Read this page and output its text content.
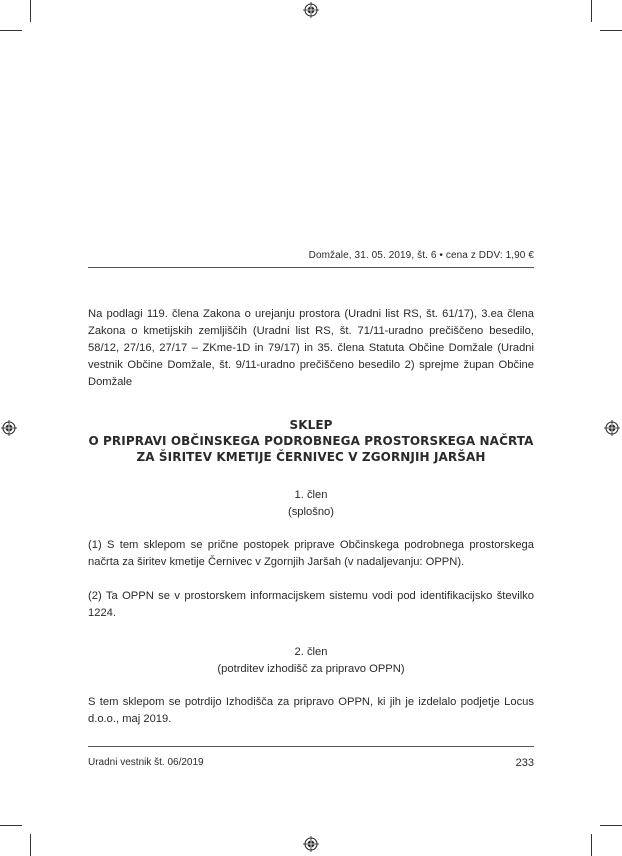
Domžale, 31. 05. 2019, št. 6 • cena z DDV: 1,90 €

Na podlagi 119. člena Zakona o urejanju prostora (Uradni list RS, št. 61/17), 3.ea člena Zakona o kmetijskih zemljiščih (Uradni list RS, št. 71/11-uradno prečiščeno besedilo, 58/12, 27/16, 27/17 – ZKme-1D in 79/17) in 35. člena Statuta Občine Domžale (Uradni vestnik Občine Domžale, št. 9/11-uradno prečiščeno besedilo 2) sprejme župan Občine Domžale

SKLEP
O PRIPRAVI OBČINSKEGA PODROBNEGA PROSTORSKEGA NAČRTA
ZA ŠIRITEV KMETIJE ČERNIVEC V ZGORNJIH JARŠAH
1. člen
(splošno)

(1) S tem sklepom se prične postopek priprave Občinskega podrobnega prostorskega načrta za širitev kmetije Černivec v Zgornjih Jaršah (v nadaljevanju: OPPN).

(2) Ta OPPN se v prostorskem informacijskem sistemu vodi pod identifikacijsko številko 1224.

2. člen
(potrditev izhodišč za pripravo OPPN)

S tem sklepom se potrdijo Izhodišča za pripravo OPPN, ki jih je izdelalo podjetje Locus d.o.o., maj 2019.

Uradni vestnik št. 06/2019	233
